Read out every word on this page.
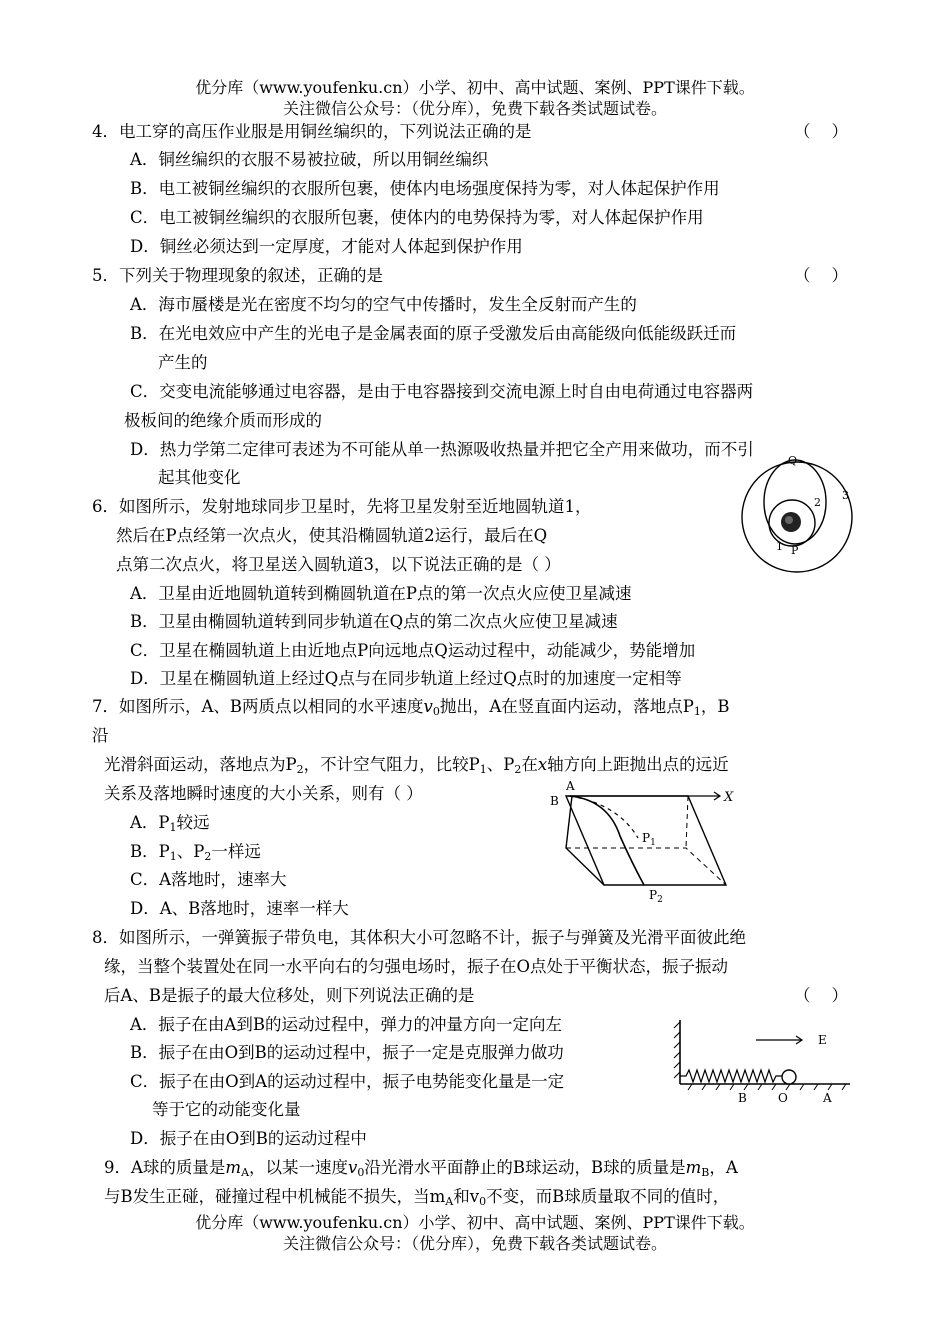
优分库（www.youfenku.cn）小学、初中、高中试题、案例、PPT课件下载。
关注微信公众号：（优分库），免费下载各类试题试卷。
4．电工穿的高压作业服是用铜丝编织的，下列说法正确的是	（    ）
A．铜丝编织的衣服不易被拉破，所以用铜丝编织
B．电工被铜丝编织的衣服所包裹，使体内电场强度保持为零，对人体起保护作用
C．电工被铜丝编织的衣服所包裹，使体内的电势保持为零，对人体起保护作用
D．铜丝必须达到一定厚度，才能对人体起到保护作用
5．下列关于物理现象的叙述，正确的是	（    ）
A．海市蜃楼是光在密度不均匀的空气中传播时，发生全反射而产生的
B．在光电效应中产生的光电子是金属表面的原子受激发后由高能级向低能级跃迁而
产生的
C．交变电流能够通过电容器，是由于电容器接到交流电源上时自由电荷通过电容器两
极板间的绝缘介质而形成的
D．热力学第二定律可表述为不可能从单一热源吸收热量并把它全产用来做功，而不引
起其他变化
6．如图所示，发射地球同步卫星时，先将卫星发射至近地圆轨道1，
然后在P点经第一次点火，使其沿椭圆轨道2运行，最后在Q
点第二次点火，将卫星送入圆轨道3，以下说法正确的是（ ）
A．卫星由近地圆轨道转到椭圆轨道在P点的第一次点火应使卫星减速
B．卫星由椭圆轨道转到同步轨道在Q点的第二次点火应使卫星减速
C．卫星在椭圆轨道上由近地点P向远地点Q运动过程中，动能减少，势能增加
D．卫星在椭圆轨道上经过Q点与在同步轨道上经过Q点时的加速度一定相等
Q
P
1
2
3
7．如图所示，A、B两质点以相同的水平速度$v_0$抛出，A在竖直面内运动，落地点$P_1$，B
沿
光滑斜面运动，落地点为$P_2$，不计空气阻力，比较$P_1$、$P_2$在x轴方向上距抛出点的远近
关系及落地瞬时速度的大小关系，则有（ ）
A．$P_1$较远
B．$P_1$、$P_2$一样远
C．A落地时，速率大
D．A、B落地时，速率一样大
A
B	X
$P_1$
$P_2$
8．如图所示，一弹簧振子带负电，其体积大小可忽略不计，振子与弹簧及光滑平面彼此绝
缘，当整个装置处在同一水平向右的匀强电场时，振子在O点处于平衡状态，振子振动
后A、B是振子的最大位移处，则下列说法正确的是	（    ）
A．振子在由A到B的运动过程中，弹力的冲量方向一定向左
B．振子在由O到B的运动过程中，振子一定是克服弹力做功
C．振子在由O到A的运动过程中，振子电势能变化量是一定
等于它的动能变化量
D．振子在由O到B的运动过程中
E
B	O	A
9．A球的质量是$m_A$，以某一速度$v_0$沿光滑水平面静止的B球运动，B球的质量是$m_B$，A
与B发生正碰，碰撞过程中机械能不损失，当$m_A$和$v_0$不变，而B球质量取不同的值时，
优分库（www.youfenku.cn）小学、初中、高中试题、案例、PPT课件下载。
关注微信公众号：（优分库），免费下载各类试题试卷。
